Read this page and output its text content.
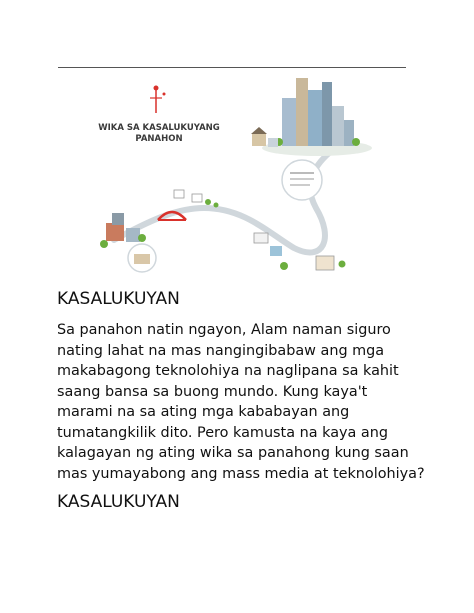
WIKA SA KASALUKUYANG
PANAHON
KASALUKUYAN

Sa panahon natin ngayon, Alam naman siguro nating lahat na mas nangingibabaw ang mga makabagong teknolohiya na naglipana sa kahit saang bansa sa buong mundo. Kung kaya't marami na sa ating mga kababayan ang tumatangkilik dito. Pero kamusta na kaya ang kalagayan ng ating wika sa panahong kung saan mas yumayabong ang mass media at teknolohiya?

KASALUKUYAN
